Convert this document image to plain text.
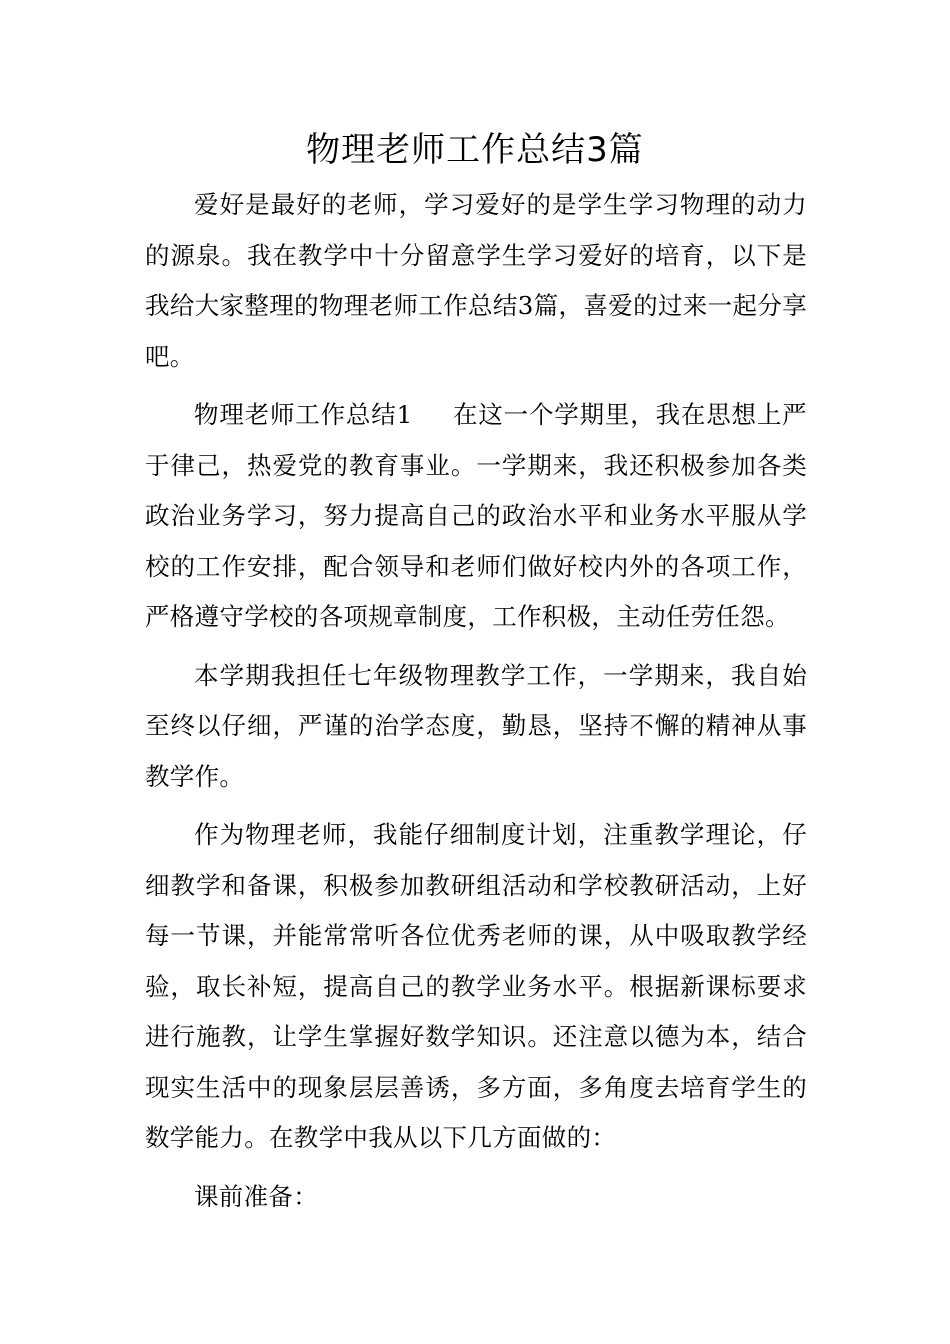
物理老师工作总结3篇

爱好是最好的老师，学习爱好的是学生学习物理的动力的源泉。我在教学中十分留意学生学习爱好的培育，以下是我给大家整理的物理老师工作总结3篇，喜爱的过来一起分享吧。

物理老师工作总结1 在这一个学期里，我在思想上严于律己，热爱党的教育事业。一学期来，我还积极参加各类政治业务学习，努力提高自己的政治水平和业务水平服从学校的工作安排，配合领导和老师们做好校内外的各项工作，严格遵守学校的各项规章制度，工作积极，主动任劳任怨。

本学期我担任七年级物理教学工作，一学期来，我自始至终以仔细，严谨的治学态度，勤恳，坚持不懈的精神从事教学作。

作为物理老师，我能仔细制度计划，注重教学理论，仔细教学和备课，积极参加教研组活动和学校教研活动，上好每一节课，并能常常听各位优秀老师的课，从中吸取教学经验，取长补短，提高自己的教学业务水平。根据新课标要求进行施教，让学生掌握好数学知识。还注意以德为本，结合现实生活中的现象层层善诱，多方面，多角度去培育学生的数学能力。在教学中我从以下几方面做的：

课前准备：
